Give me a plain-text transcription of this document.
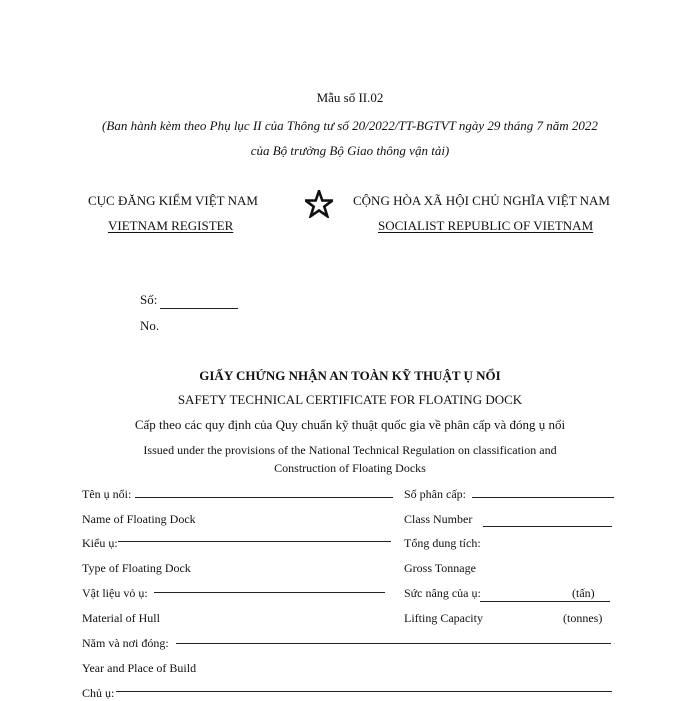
Mẫu số II.02
(Ban hành kèm theo Phụ lục II của Thông tư số 20/2022/TT-BGTVT ngày 29 tháng 7 năm 2022
của Bộ trưởng Bộ Giao thông vận tải)
CỤC ĐĂNG KIỂM VIỆT NAM
VIETNAM REGISTER
CỘNG HÒA XÃ HỘI CHỦ NGHĨA VIỆT NAM
SOCIALIST REPUBLIC OF VIETNAM
Số:
No.
GIẤY CHỨNG NHẬN AN TOÀN KỸ THUẬT Ụ NỔI
SAFETY TECHNICAL CERTIFICATE FOR FLOATING DOCK
Cấp theo các quy định của Quy chuẩn kỹ thuật quốc gia về phân cấp và đóng ụ nổi
Issued under the provisions of the National Technical Regulation on classification and
Construction of Floating Docks
Tên ụ nổi:	Số phân cấp:
Name of Floating Dock	Class Number
Kiểu ụ:	Tổng dung tích:
Type of Floating Dock	Gross Tonnage
Vật liệu vỏ ụ:	Sức nâng của ụ:	(tấn)
Material of Hull	Lifting Capacity	(tonnes)
Năm và nơi đóng:
Year and Place of Build
Chủ ụ:
